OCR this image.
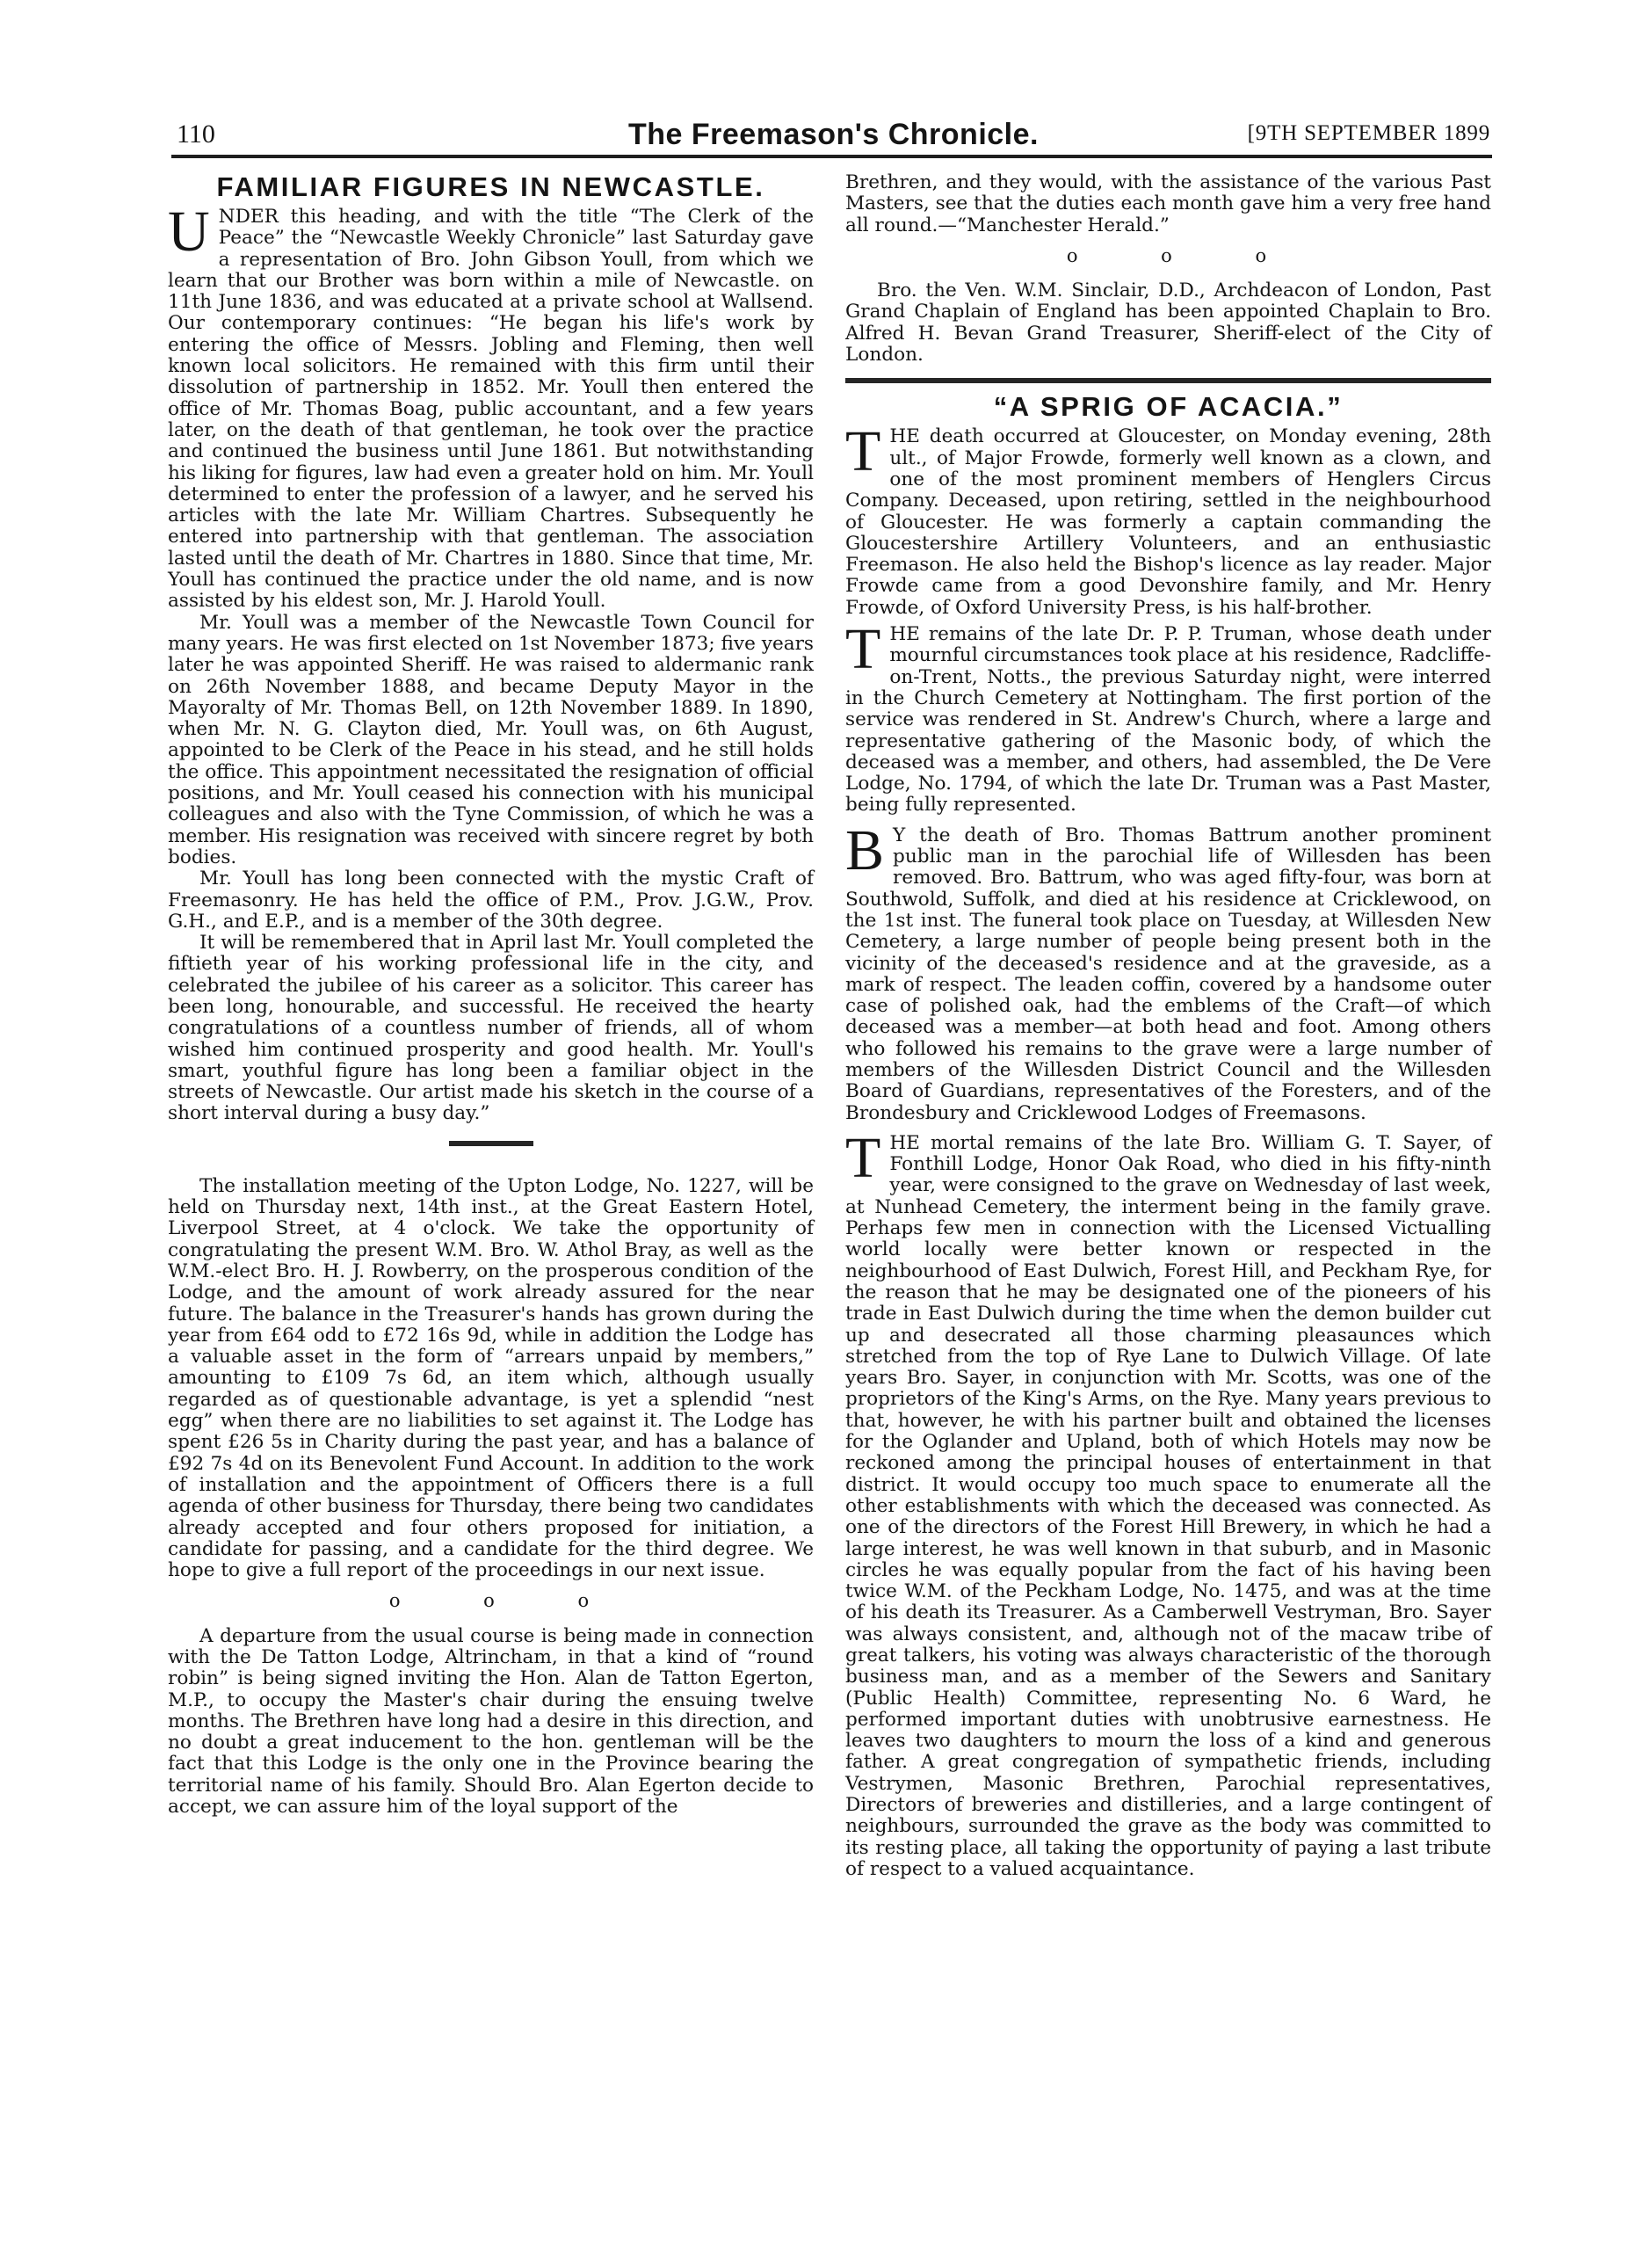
110	The Freemason's Chronicle.	[9TH SEPTEMBER 1899
FAMILIAR FIGURES IN NEWCASTLE.

UNDER this heading, and with the title “The Clerk of the Peace” the “Newcastle Weekly Chronicle” last Saturday gave a representation of Bro. John Gibson Youll, from which we learn that our Brother was born within a mile of Newcastle. on 11th June 1836, and was educated at a private school at Wallsend. Our contemporary continues: “He began his life's work by entering the office of Messrs. Jobling and Fleming, then well known local solicitors. He remained with this firm until their dissolution of partnership in 1852. Mr. Youll then entered the office of Mr. Thomas Boag, public accountant, and a few years later, on the death of that gentleman, he took over the practice and continued the business until June 1861. But notwithstanding his liking for figures, law had even a greater hold on him. Mr. Youll determined to enter the profession of a lawyer, and he served his articles with the late Mr. William Chartres. Subsequently he entered into partnership with that gentleman. The association lasted until the death of Mr. Chartres in 1880. Since that time, Mr. Youll has continued the practice under the old name, and is now assisted by his eldest son, Mr. J. Harold Youll.

Mr. Youll was a member of the Newcastle Town Council for many years. He was first elected on 1st November 1873; five years later he was appointed Sheriff. He was raised to aldermanic rank on 26th November 1888, and became Deputy Mayor in the Mayoralty of Mr. Thomas Bell, on 12th November 1889. In 1890, when Mr. N. G. Clayton died, Mr. Youll was, on 6th August, appointed to be Clerk of the Peace in his stead, and he still holds the office. This appointment necessitated the resignation of official positions, and Mr. Youll ceased his connection with his municipal colleagues and also with the Tyne Commission, of which he was a member. His resignation was received with sincere regret by both bodies.

Mr. Youll has long been connected with the mystic Craft of Freemasonry. He has held the office of P.M., Prov. J.G.W., Prov. G.H., and E.P., and is a member of the 30th degree.

It will be remembered that in April last Mr. Youll completed the fiftieth year of his working professional life in the city, and celebrated the jubilee of his career as a solicitor. This career has been long, honourable, and successful. He received the hearty congratulations of a countless number of friends, all of whom wished him continued prosperity and good health. Mr. Youll's smart, youthful figure has long been a familiar object in the streets of Newcastle. Our artist made his sketch in the course of a short interval during a busy day.”

The installation meeting of the Upton Lodge, No. 1227, will be held on Thursday next, 14th inst., at the Great Eastern Hotel, Liverpool Street, at 4 o'clock. We take the opportunity of congratulating the present W.M. Bro. W. Athol Bray, as well as the W.M.-elect Bro. H. J. Rowberry, on the prosperous condition of the Lodge, and the amount of work already assured for the near future. The balance in the Treasurer's hands has grown during the year from £64 odd to £72 16s 9d, while in addition the Lodge has a valuable asset in the form of “arrears unpaid by members,” amounting to £109 7s 6d, an item which, although usually regarded as of questionable advantage, is yet a splendid “nest egg” when there are no liabilities to set against it. The Lodge has spent £26 5s in Charity during the past year, and has a balance of £92 7s 4d on its Benevolent Fund Account. In addition to the work of installation and the appointment of Officers there is a full agenda of other business for Thursday, there being two candidates already accepted and four others proposed for initiation, a candidate for passing, and a candidate for the third degree. We hope to give a full report of the proceedings in our next issue.

o o o

A departure from the usual course is being made in connection with the De Tatton Lodge, Altrincham, in that a kind of “round robin” is being signed inviting the Hon. Alan de Tatton Egerton, M.P., to occupy the Master's chair during the ensuing twelve months. The Brethren have long had a desire in this direction, and no doubt a great inducement to the hon. gentleman will be the fact that this Lodge is the only one in the Province bearing the territorial name of his family. Should Bro. Alan Egerton decide to accept, we can assure him of the loyal support of the

Brethren, and they would, with the assistance of the various Past Masters, see that the duties each month gave him a very free hand all round.—“Manchester Herald.”

o o o

Bro. the Ven. W.M. Sinclair, D.D., Archdeacon of London, Past Grand Chaplain of England has been appointed Chaplain to Bro. Alfred H. Bevan Grand Treasurer, Sheriff-elect of the City of London.

“A SPRIG OF ACACIA.”

THE death occurred at Gloucester, on Monday evening, 28th ult., of Major Frowde, formerly well known as a clown, and one of the most prominent members of Henglers Circus Company. Deceased, upon retiring, settled in the neighbourhood of Gloucester. He was formerly a captain commanding the Gloucestershire Artillery Volunteers, and an enthusiastic Freemason. He also held the Bishop's licence as lay reader. Major Frowde came from a good Devonshire family, and Mr. Henry Frowde, of Oxford University Press, is his half-brother.

THE remains of the late Dr. P. P. Truman, whose death under mournful circumstances took place at his residence, Radcliffe-on-Trent, Notts., the previous Saturday night, were interred in the Church Cemetery at Nottingham. The first portion of the service was rendered in St. Andrew's Church, where a large and representative gathering of the Masonic body, of which the deceased was a member, and others, had assembled, the De Vere Lodge, No. 1794, of which the late Dr. Truman was a Past Master, being fully represented.

B Y the death of Bro. Thomas Battrum another prominent public man in the parochial life of Willesden has been removed. Bro. Battrum, who was aged fifty-four, was born at Southwold, Suffolk, and died at his residence at Cricklewood, on the 1st inst. The funeral took place on Tuesday, at Willesden New Cemetery, a large number of people being present both in the vicinity of the deceased's residence and at the graveside, as a mark of respect. The leaden coffin, covered by a handsome outer case of polished oak, had the emblems of the Craft—of which deceased was a member—at both head and foot. Among others who followed his remains to the grave were a large number of members of the Willesden District Council and the Willesden Board of Guardians, representatives of the Foresters, and of the Brondesbury and Cricklewood Lodges of Freemasons.

THE mortal remains of the late Bro. William G. T. Sayer, of Fonthill Lodge, Honor Oak Road, who died in his fifty-ninth year, were consigned to the grave on Wednesday of last week, at Nunhead Cemetery, the interment being in the family grave. Perhaps few men in connection with the Licensed Victualling world locally were better known or respected in the neighbourhood of East Dulwich, Forest Hill, and Peckham Rye, for the reason that he may be designated one of the pioneers of his trade in East Dulwich during the time when the demon builder cut up and desecrated all those charming pleasaunces which stretched from the top of Rye Lane to Dulwich Village. Of late years Bro. Sayer, in conjunction with Mr. Scotts, was one of the proprietors of the King's Arms, on the Rye. Many years previous to that, however, he with his partner built and obtained the licenses for the Oglander and Upland, both of which Hotels may now be reckoned among the principal houses of entertainment in that district. It would occupy too much space to enumerate all the other establishments with which the deceased was connected. As one of the directors of the Forest Hill Brewery, in which he had a large interest, he was well known in that suburb, and in Masonic circles he was equally popular from the fact of his having been twice W.M. of the Peckham Lodge, No. 1475, and was at the time of his death its Treasurer. As a Camberwell Vestryman, Bro. Sayer was always consistent, and, although not of the macaw tribe of great talkers, his voting was always characteristic of the thorough business man, and as a member of the Sewers and Sanitary (Public Health) Committee, representing No. 6 Ward, he performed important duties with unobtrusive earnestness. He leaves two daughters to mourn the loss of a kind and generous father. A great congregation of sympathetic friends, including Vestrymen, Masonic Brethren, Parochial representatives, Directors of breweries and distilleries, and a large contingent of neighbours, surrounded the grave as the body was committed to its resting place, all taking the opportunity of paying a last tribute of respect to a valued acquaintance.
